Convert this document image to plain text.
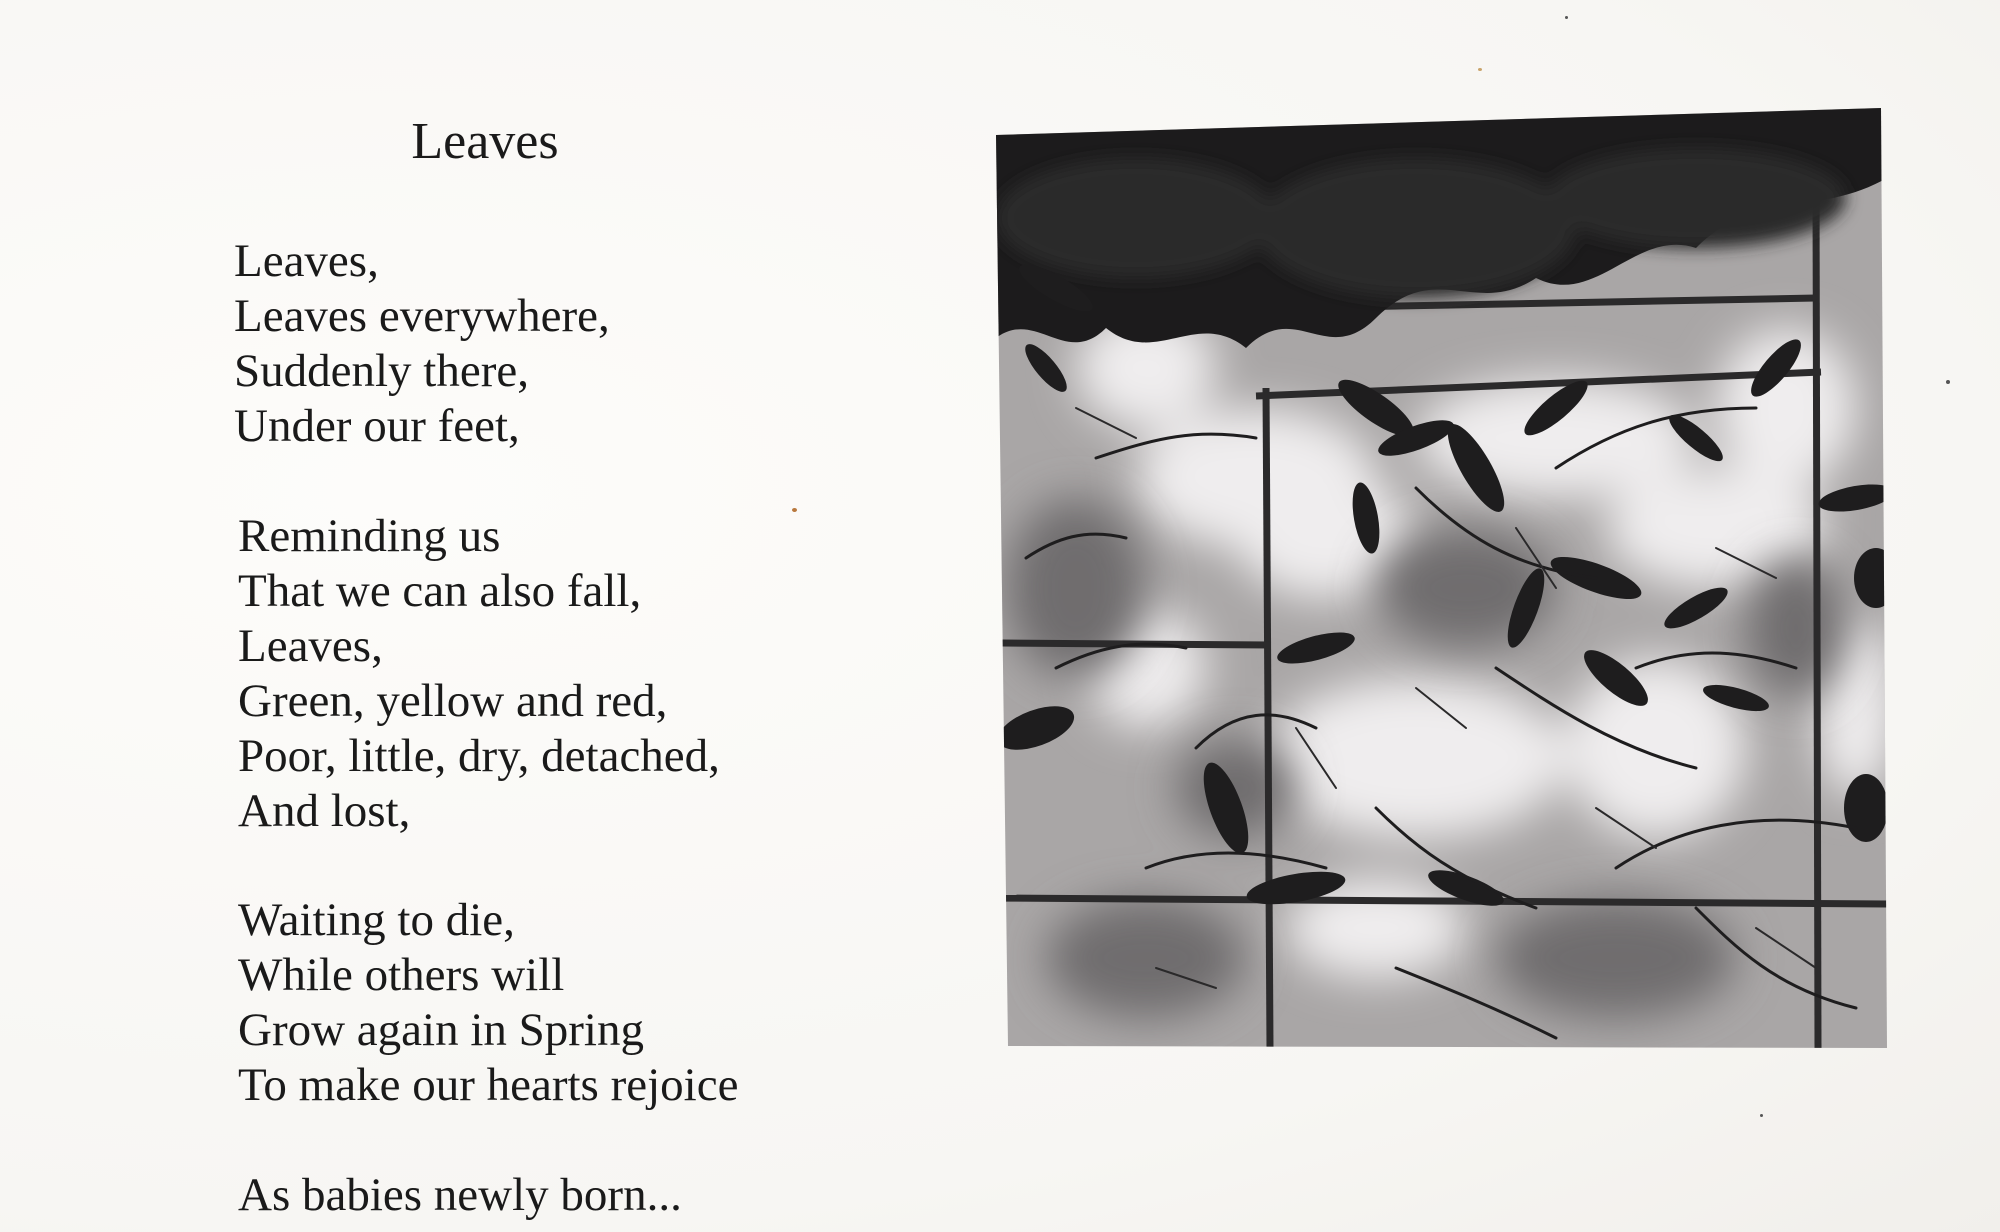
Leaves
Leaves,
Leaves everywhere,
Suddenly there,
Under our feet,
Reminding us
That we can also fall,
Leaves,
Green, yellow and red,
Poor, little, dry, detached,
And lost,
Waiting to die,
While others will
Grow again in Spring
To make our hearts rejoice
As babies newly born...
